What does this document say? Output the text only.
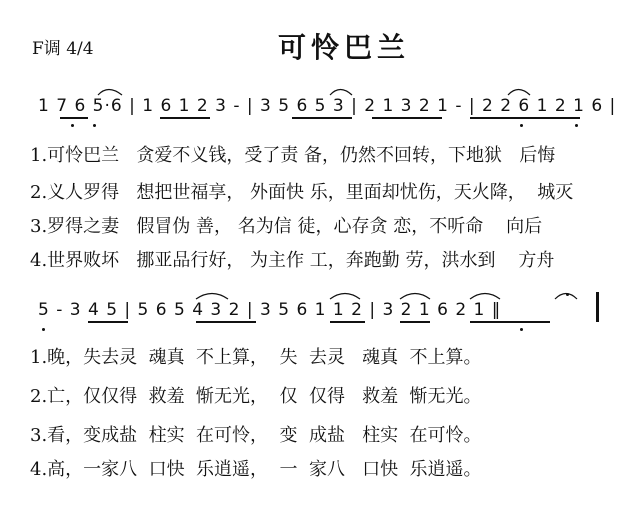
F调 4/4	可怜巴兰
1 7 6 5·6 | 1 6 1 2 3 - | 3 5 6 5 3 | 2 1 3 2 1 - | 2 2 6 1 2 1 6 |
5 - 3 4 5 | 5 6 5 4 3 2 | 3 5 6 1 1 2 | 3 2 1 6 2 1 ‖
1.可怜巴兰   贪爱不义钱，受了责 备，仍然不回转，下地狱   后悔
2.义人罗得   想把世福享， 外面快 乐，里面却忧伤，天火降，  城灭
3.罗得之妻   假冒伪 善， 名为信 徒，心存贪 恋，不听命    向后
4.世界败坏   挪亚品行好， 为主作 工，奔跑勤 劳，洪水到    方舟
1.晚，失去灵  魂真  不上算，  失  去灵   魂真  不上算。
2.亡，仅仅得  救羞  惭无光，  仅  仅得   救羞  惭无光。
3.看，变成盐  柱实  在可怜，  变  成盐   柱实  在可怜。
4.高，一家八  口快  乐逍遥，  一  家八   口快  乐逍遥。
